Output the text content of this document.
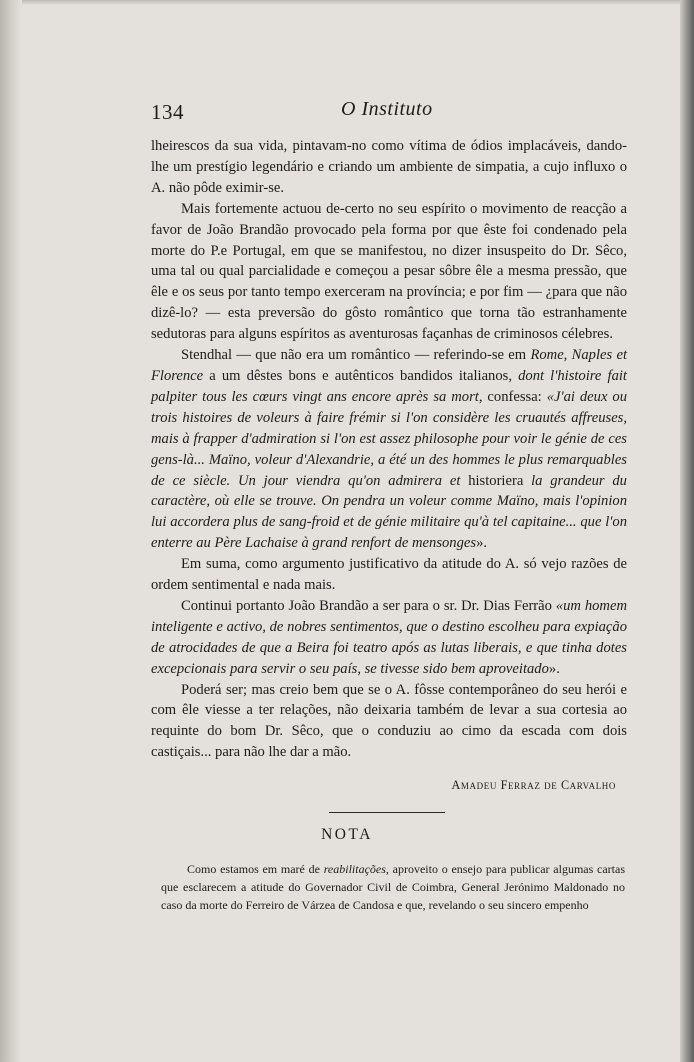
134	O Instituto

lheirescos da sua vida, pintavam-no como vítima de ódios implacáveis, dando-lhe um prestígio legendário e criando um ambiente de simpatia, a cujo influxo o A. não pôde eximir-se.

Mais fortemente actuou de-certo no seu espírito o movimento de reacção a favor de João Brandão provocado pela forma por que êste foi condenado pela morte do P.e Portugal, em que se manifestou, no dizer insuspeito do Dr. Sêco, uma tal ou qual parcialidade e começou a pesar sôbre êle a mesma pressão, que êle e os seus por tanto tempo exerceram na província; e por fim — ¿para que não dizê-lo? — esta preversão do gôsto romântico que torna tão estranhamente sedutoras para alguns espíritos as aventurosas façanhas de criminosos célebres.

Stendhal — que não era um romântico — referindo-se em Rome, Naples et Florence a um dêstes bons e autênticos bandidos italianos, dont l'histoire fait palpiter tous les cœurs vingt ans encore après sa mort, confessa: «J'ai deux ou trois histoires de voleurs à faire frémir si l'on considère les cruautés affreuses, mais à frapper d'admiration si l'on est assez philosophe pour voir le génie de ces gens-là... Maïno, voleur d'Alexandrie, a été un des hommes le plus remarquables de ce siècle. Un jour viendra qu'on admirera et historiera la grandeur du caractère, où elle se trouve. On pendra un voleur comme Maïno, mais l'opinion lui accordera plus de sang-froid et de génie militaire qu'à tel capitaine... que l'on enterre au Père Lachaise à grand renfort de mensonges».

Em suma, como argumento justificativo da atitude do A. só vejo razões de ordem sentimental e nada mais.

Continui portanto João Brandão a ser para o sr. Dr. Dias Ferrão «um homem inteligente e activo, de nobres sentimentos, que o destino escolheu para expiação de atrocidades de que a Beira foi teatro após as lutas liberais, e que tinha dotes excepcionais para servir o seu país, se tivesse sido bem aproveitado».

Poderá ser; mas creio bem que se o A. fôsse contemporâneo do seu herói e com êle viesse a ter relações, não deixaria também de levar a sua cortesia ao requinte do bom Dr. Sêco, que o conduziu ao cimo da escada com dois castiçais... para não lhe dar a mão.

Amadeu Ferraz de Carvalho
NOTA

Como estamos em maré de reabilitações, aproveito o ensejo para publicar algumas cartas que esclarecem a atitude do Governador Civil de Coimbra, General Jerónimo Maldonado no caso da morte do Ferreiro de Várzea de Candosa e que, revelando o seu sincero empenho
